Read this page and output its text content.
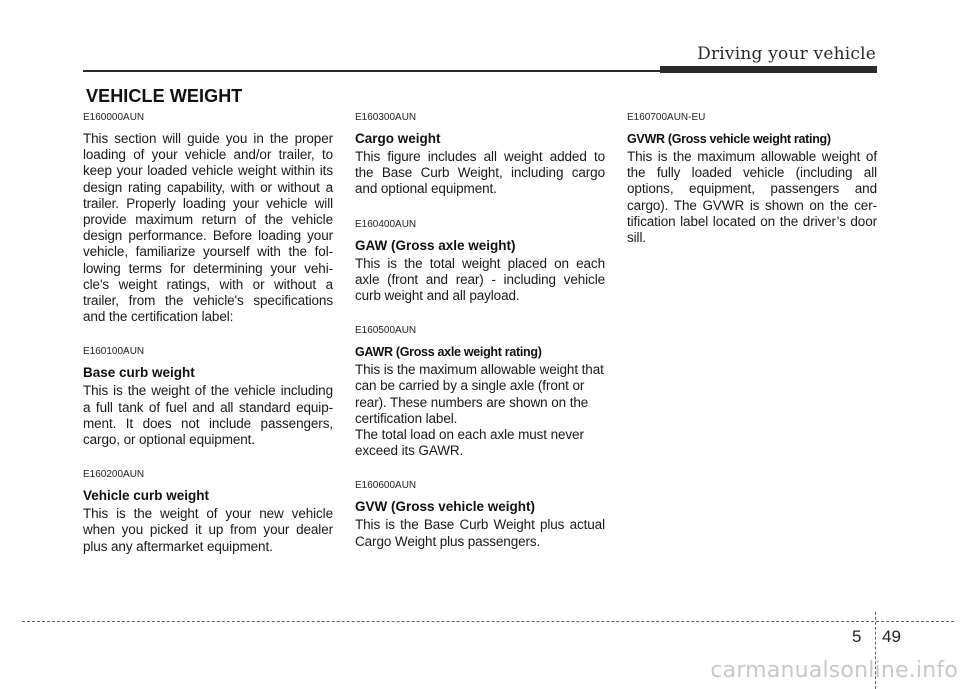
Driving your vehicle
VEHICLE WEIGHT
E160000AUN

This section will guide you in the proper loading of your vehicle and/or trailer, to keep your loaded vehicle weight within its design rating capability, with or without a trailer. Properly loading your vehicle will provide maximum return of the vehicle design performance. Before loading your vehicle, familiarize yourself with the fol-lowing terms for determining your vehi-cle's weight ratings, with or without a trailer, from the vehicle's specifications and the certification label:

E160100AUN
Base curb weight

This is the weight of the vehicle including a full tank of fuel and all standard equip-ment. It does not include passengers, cargo, or optional equipment.

E160200AUN
Vehicle curb weight

This is the weight of your new vehicle when you picked it up from your dealer plus any aftermarket equipment.

E160300AUN
Cargo weight

This figure includes all weight added to the Base Curb Weight, including cargo and optional equipment.

E160400AUN
GAW (Gross axle weight)

This is the total weight placed on each axle (front and rear) - including vehicle curb weight and all payload.

E160500AUN
GAWR (Gross axle weight rating)

This is the maximum allowable weight that can be carried by a single axle (front or rear). These numbers are shown on the certification label.

The total load on each axle must never exceed its GAWR.

E160600AUN
GVW (Gross vehicle weight)

This is the Base Curb Weight plus actual Cargo Weight plus passengers.

E160700AUN-EU
GVWR (Gross vehicle weight rating)

This is the maximum allowable weight of the fully loaded vehicle (including all options, equipment, passengers and cargo). The GVWR is shown on the cer-tification label located on the driver’s door sill.

5 49
carmanualsonline.info
